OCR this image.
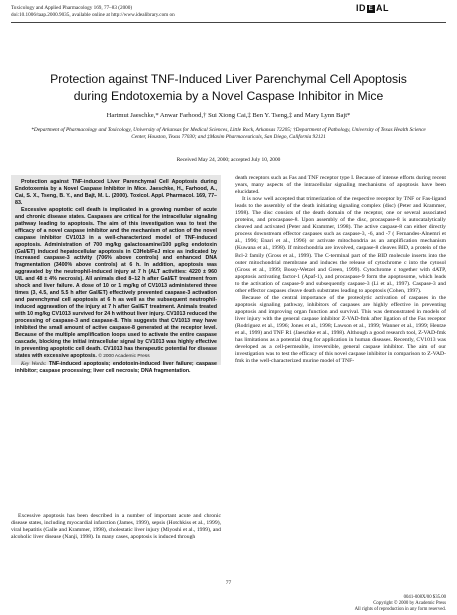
Toxicology and Applied Pharmacology 169, 77–83 (2000)
doi:10.1006/taap.2000.9035, available online at http://www.idealibrary.com on
ID E AL
Protection against TNF-Induced Liver Parenchymal Cell Apoptosis
during Endotoxemia by a Novel Caspase Inhibitor in Mice
Hartmut Jaeschke,* Anwar Farhood,† Sui Xiong Cai,‡ Ben Y. Tseng,‡ and Mary Lynn Bajt*
*Department of Pharmacology and Toxicology, University of Arkansas for Medical Sciences, Little Rock, Arkansas 72205; †Department of Pathology, University of Texas Health Science Center, Houston, Texas 77030; and ‡Maxim Pharmaceuticals, San Diego, California 92121
Received May 24, 2000; accepted July 10, 2000

Protection against TNF-induced Liver Parenchymal Cell Apoptosis during Endotoxemia by a Novel Caspase Inhibitor in Mice. Jaeschke, H., Farhood, A., Cai, S. X., Tseng, B. Y., and Bajt, M. L. (2000). Toxicol. Appl. Pharmacol. 169, 77–83.

Excessive apoptotic cell death is implicated in a growing number of acute and chronic disease states. Caspases are critical for the intracellular signaling pathway leading to apoptosis. The aim of this investigation was to test the efficacy of a novel caspase inhibitor and the mechanism of action of the novel caspase inhibitor CV1013 in a well-characterized model of TNF-induced apoptosis. Administration of 700 mg/kg galactosamine/100 µg/kg endotoxin (Gal/ET) induced hepatocellular apoptosis in C3Heb/FeJ mice as indicated by increased caspase-3 activity (706% above controls) and enhanced DNA fragmentation (3400% above controls) at 6 h. In addition, apoptosis was aggravated by the neutrophil-induced injury at 7 h (ALT activities: 4220 ± 960 U/L and 48 ± 4% necrosis). All animals died 8–12 h after Gal/ET treatment from shock and liver failure. A dose of 10 or 1 mg/kg of CV1013 administered three times (3, 4.5, and 5.5 h after Gal/ET) effectively prevented caspase-3 activation and parenchymal cell apoptosis at 6 h as well as the subsequent neutrophil-induced aggravation of the injury at 7 h after Gal/ET treatment. Animals treated with 10 mg/kg CV1013 survived for 24 h without liver injury. CV1013 reduced the processing of caspase-3 and caspase-8. This suggests that CV1013 may have inhibited the small amount of active caspase-8 generated at the receptor level. Because of the multiple amplification loops used to activate the entire caspase cascade, blocking the initial intracellular signal by CV1013 was highly effective in preventing apoptotic cell death. CV1013 has therapeutic potential for disease states with excessive apoptosis. © 2000 Academic Press

Key Words: TNF-induced apoptosis; endotoxin-induced liver failure; caspase inhibitor; caspase processing; liver cell necrosis; DNA fragmentation.

Excessive apoptosis has been described in a number of important acute and chronic disease states, including myocardial infarction (James, 1999), sepsis (Hotchkiss et al., 1999), viral hepatitis (Galle and Krammer, 1998), cholestatic liver injury (Miyoshi et al., 1999), and alcoholic liver disease (Nanji, 1998). In many cases, apoptosis is induced through

death receptors such as Fas and TNF receptor type I. Because of intense efforts during recent years, many aspects of the intracellular signaling mechanisms of apoptosis have been elucidated.

It is now well accepted that trimerization of the respective receptor by TNF or Fas-ligand leads to the assembly of the death initiating signaling complex (disc) (Peter and Krammer, 1998). The disc consists of the death domain of the receptor, one or several associated proteins, and procaspase-8. Upon assembly of the disc, procaspase-8 is autocatalytically cleaved and activated (Peter and Krammer, 1998). The active caspase-8 can either directly process downstream effector caspases such as caspase-3, -6, and -7 ( Fernandes-Alnemri et al., 1996; Enari et al., 1996) or activate mitochondria as an amplification mechanism (Kuwana et al., 1998). If mitochondria are involved, caspase-8 cleaves BID, a protein of the Bcl-2 family (Gross et al., 1999). The C-terminal part of the BID molecule inserts into the outer mitochondrial membrane and induces the release of cytochrome c into the cytosol (Gross et al., 1999; Bossy-Wetzel and Green, 1999). Cytochrome c together with dATP, apoptosis activating factor-1 (Apaf-1), and procaspase-9 form the apoptosome, which leads to the activation of caspase-9 and subsequently caspase-3 (Li et al., 1997). Caspase-3 and other effector caspases cleave death substrates leading to apoptosis (Cohen, 1997).

Because of the central importance of the proteolytic activation of caspases in the apoptosis signaling pathway, inhibitors of caspases are highly effective in preventing apoptosis and improving organ function and survival. This was demonstrated in models of liver injury with the general caspase inhibitor Z-VAD-fmk after ligation of the Fas receptor (Rodriguez et al., 1996; Jones et al., 1998; Lawson et al., 1999; Wanner et al., 1999; Hentze et al., 1999) and TNF R1 (Jaeschke et al., 1998). Although a good research tool, Z-VAD-fmk has limitations as a potential drug for application in human diseases. Recently, CV1013 was developed as a cell-permeable, irreversible, general caspase inhibitor. The aim of our investigation was to test the efficacy of this novel caspase inhibitor in comparison to Z-VAD-fmk in the well-characterized murine model of TNF-

77
0041-008X/00 $35.00
Copyright © 2000 by Academic Press
All rights of reproduction in any form reserved.
